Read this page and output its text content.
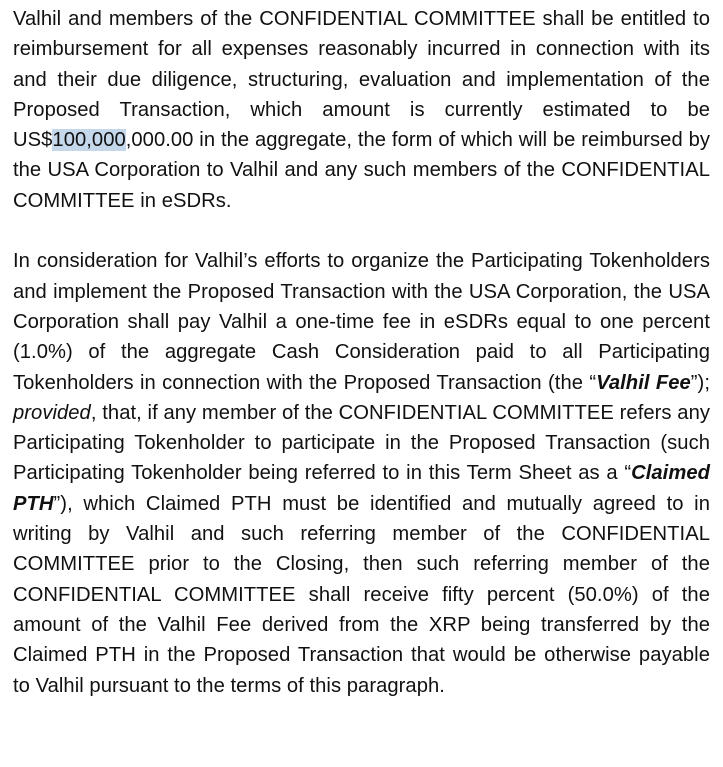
Valhil and members of the CONFIDENTIAL COMMITTEE shall be entitled to reimbursement for all expenses reasonably incurred in connection with its and their due diligence, structuring, evaluation and implementation of the Proposed Transaction, which amount is currently estimated to be US$100,000,000.00 in the aggregate, the form of which will be reimbursed by the USA Corporation to Valhil and any such members of the CONFIDENTIAL COMMITTEE in eSDRs.

In consideration for Valhil’s efforts to organize the Participating Tokenholders and implement the Proposed Transaction with the USA Corporation, the USA Corporation shall pay Valhil a one-time fee in eSDRs equal to one percent (1.0%) of the aggregate Cash Consideration paid to all Participating Tokenholders in connection with the Proposed Transaction (the “Valhil Fee”); provided, that, if any member of the CONFIDENTIAL COMMITTEE refers any Participating Tokenholder to participate in the Proposed Transaction (such Participating Tokenholder being referred to in this Term Sheet as a “Claimed PTH”), which Claimed PTH must be identified and mutually agreed to in writing by Valhil and such referring member of the CONFIDENTIAL COMMITTEE prior to the Closing, then such referring member of the CONFIDENTIAL COMMITTEE shall receive fifty percent (50.0%) of the amount of the Valhil Fee derived from the XRP being transferred by the Claimed PTH in the Proposed Transaction that would be otherwise payable to Valhil pursuant to the terms of this paragraph.
